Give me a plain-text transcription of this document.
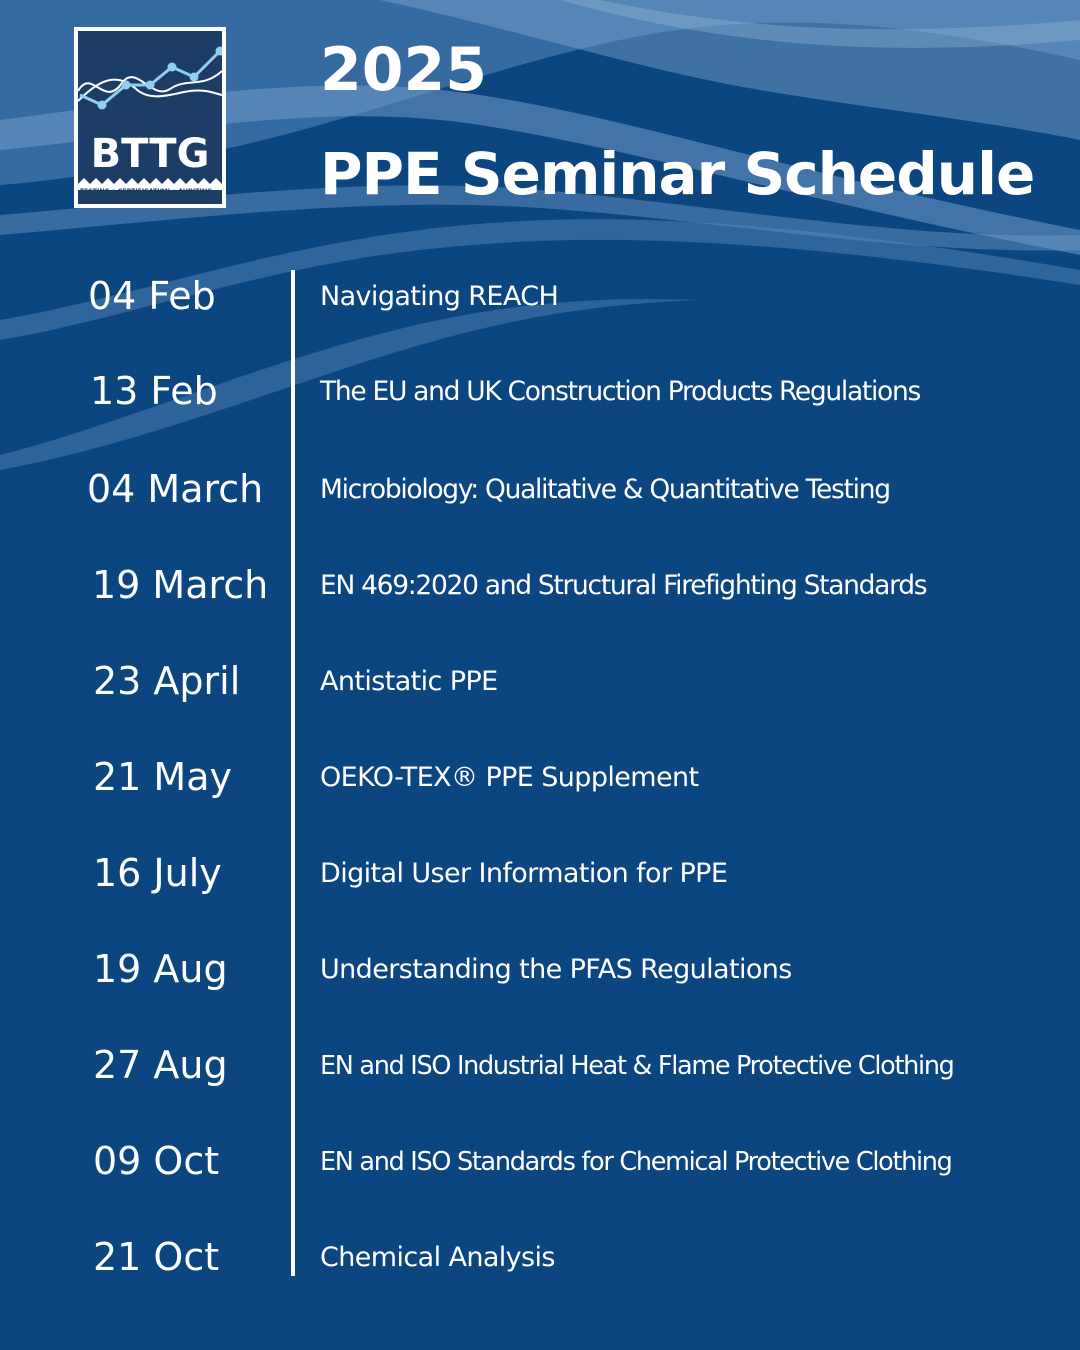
BTTG
TESTING • CERTIFICATION • AUDITING
2025
PPE Seminar Schedule
04 Feb	Navigating REACH
13 Feb	The EU and UK Construction Products Regulations
04 March Microbiology: Qualitative & Quantitative Testing
19 March EN 469:2020 and Structural Firefighting Standards
23 April	Antistatic PPE
21 May	OEKO-TEX® PPE Supplement
16 July	Digital User Information for PPE
19 Aug	Understanding the PFAS Regulations
27 Aug	EN and ISO Industrial Heat & Flame Protective Clothing
09 Oct	EN and ISO Standards for Chemical Protective Clothing
21 Oct	Chemical Analysis
